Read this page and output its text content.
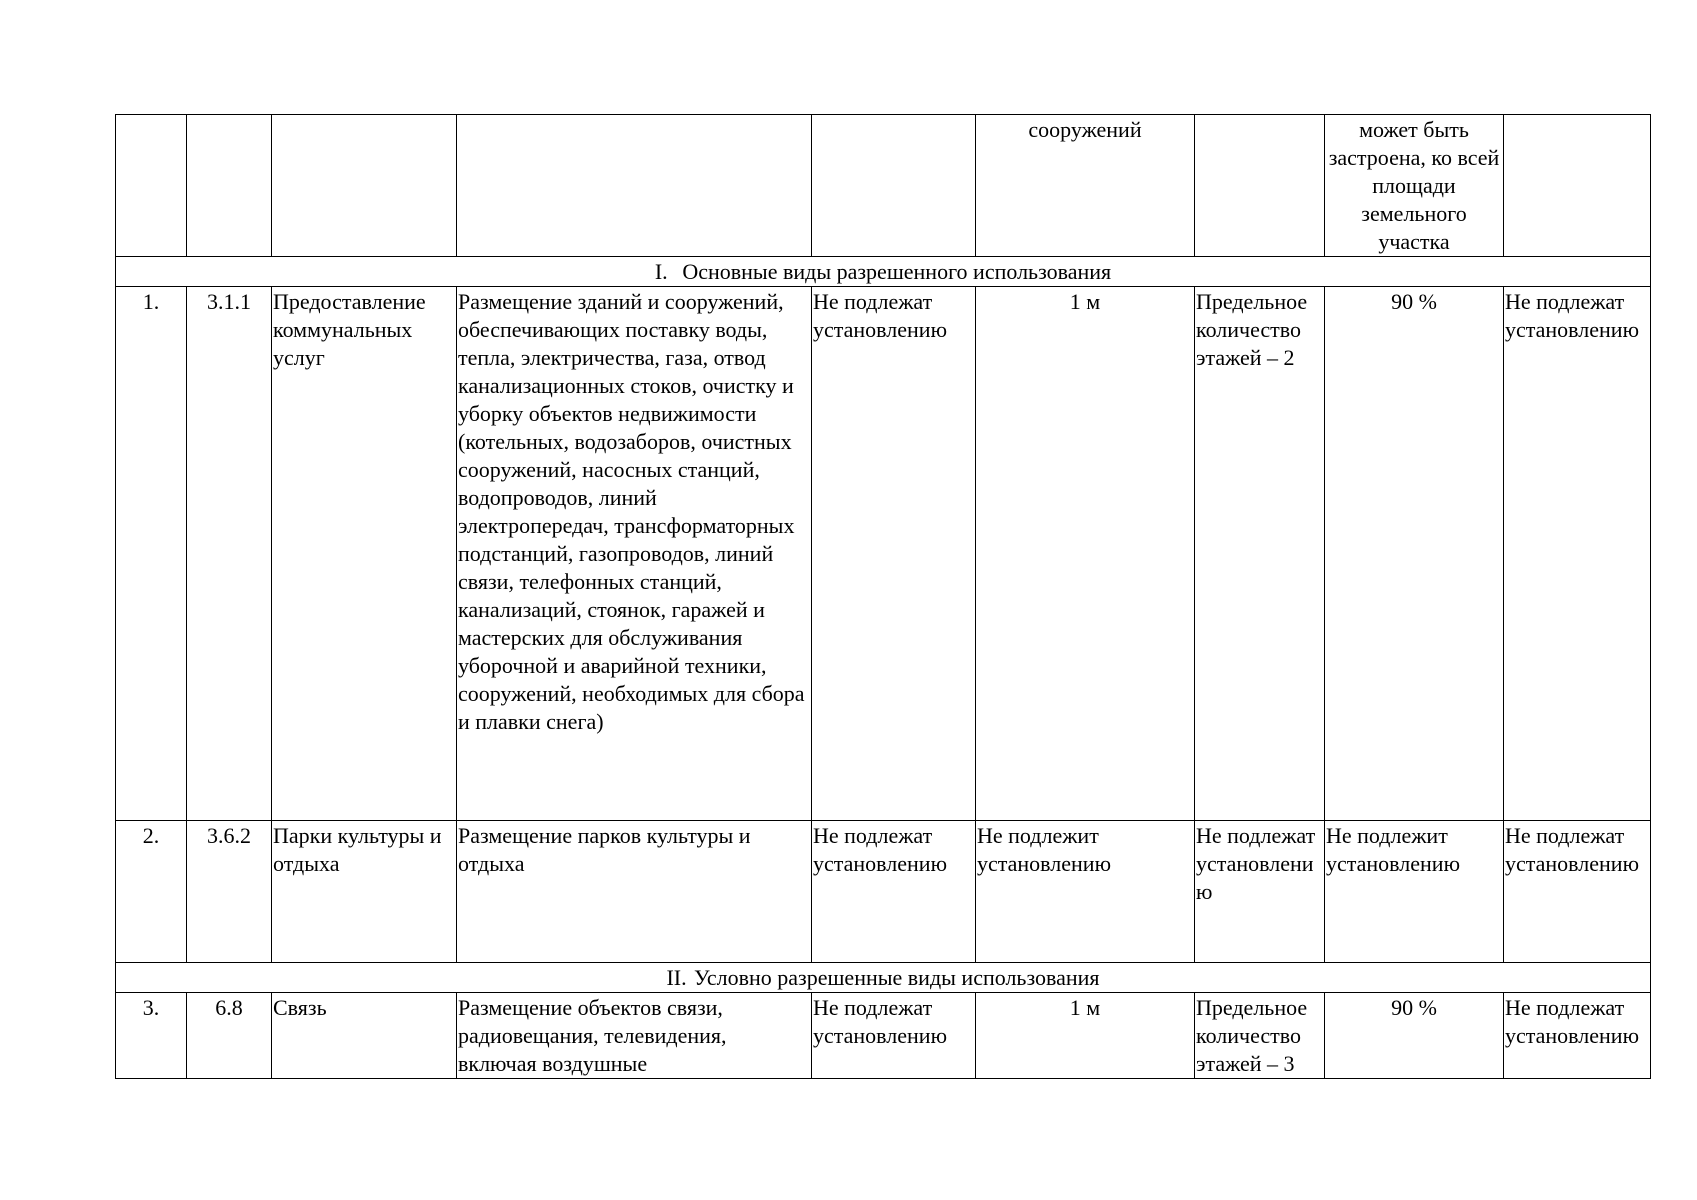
					сооружений		может быть застроена, ко всей площади земельного участка	
I. Основные виды разрешенного использования								
1.	3.1.1	Предоставление коммунальных услуг	Размещение зданий и сооружений, обеспечивающих поставку воды, тепла, электричества, газа, отвод канализационных стоков, очистку и уборку объектов недвижимости (котельных, водозаборов, очистных сооружений, насосных станций, водопроводов, линий электропередач, трансформаторных подстанций, газопроводов, линий связи, телефонных станций, канализаций, стоянок, гаражей и мастерских для обслуживания уборочной и аварийной техники, сооружений, необходимых для сбора и плавки снега)	Не подлежат установлению	1 м	Предельное количество этажей – 2	90 %	Не подлежат установлению
2.	3.6.2	Парки культуры и отдыха	Размещение парков культуры и отдыха	Не подлежат установлению	Не подлежит установлению	Не подлежат установлению	Не подлежит установлению	Не подлежат установлению
II. Условно разрешенные виды использования								
3.	6.8	Связь	Размещение объектов связи, радиовещания, телевидения, включая воздушные	Не подлежат установлению	1 м	Предельное количество этажей – 3	90 %	Не подлежат установлению
